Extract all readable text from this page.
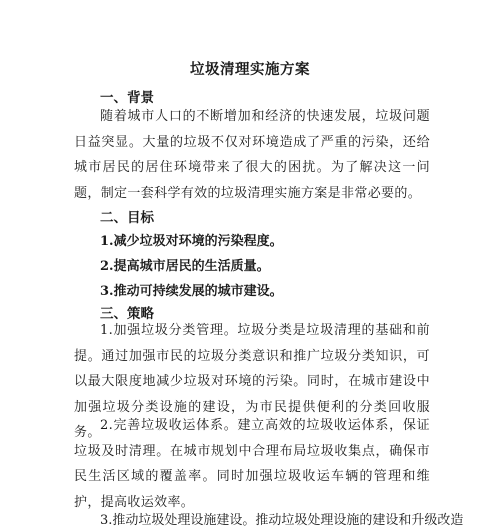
垃圾清理实施方案
一、背景
随着城市人口的不断增加和经济的快速发展，垃圾问题日益突显。大量的垃圾不仅对环境造成了严重的污染，还给城市居民的居住环境带来了很大的困扰。为了解决这一问题，制定一套科学有效的垃圾清理实施方案是非常必要的。
二、目标
1.减少垃圾对环境的污染程度。
2.提高城市居民的生活质量。
3.推动可持续发展的城市建设。
三、策略
1.加强垃圾分类管理。垃圾分类是垃圾清理的基础和前提。通过加强市民的垃圾分类意识和推广垃圾分类知识，可以最大限度地减少垃圾对环境的污染。同时，在城市建设中加强垃圾分类设施的建设，为市民提供便利的分类回收服务。 2.完善垃圾收运体系。建立高效的垃圾收运体系，保证垃圾及时清理。在城市规划中合理布局垃圾收集点，确保市民生活区域的覆盖率。同时加强垃圾收运车辆的管理和维护，提高收运效率。
3.推动垃圾处理设施建设。推动垃圾处理设施的建设和升级改造
